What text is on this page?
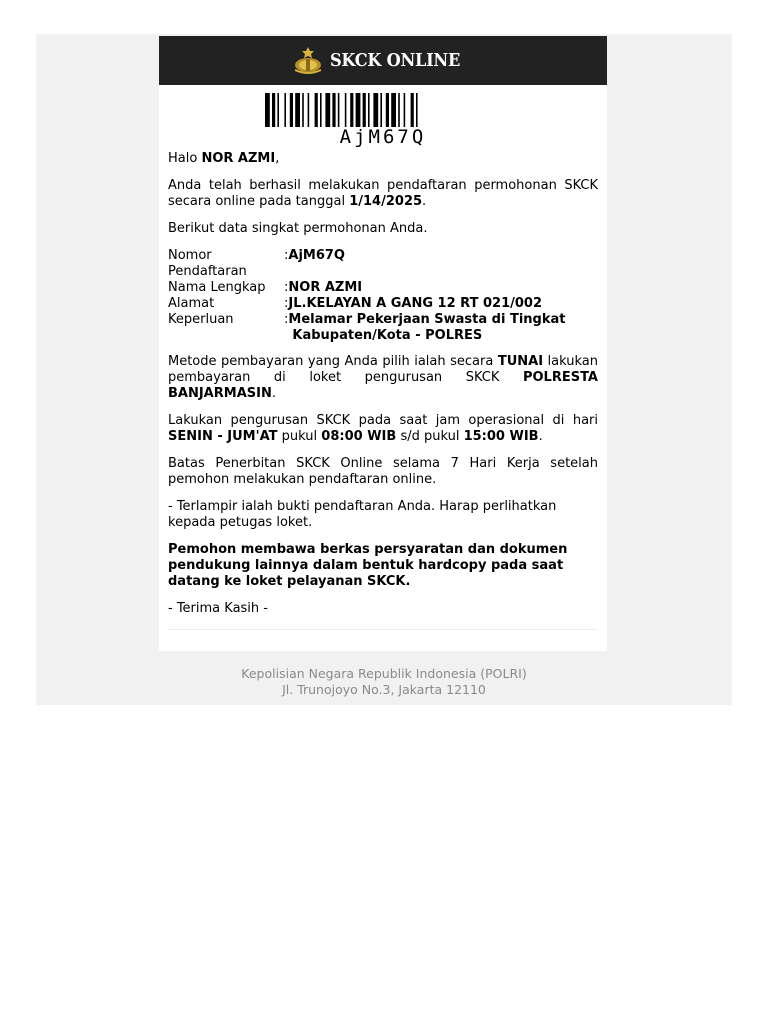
SKCK ONLINE
AjM67Q

Halo NOR AZMI,

Anda telah berhasil melakukan pendaftaran permohonan SKCK secara online pada tanggal 1/14/2025.

Berikut data singkat permohonan Anda.

Nomor Pendaftaran	:	AjM67Q
Nama Lengkap	:	NOR AZMI
Alamat	:	JL.KELAYAN A GANG 12 RT 021/002
Keperluan	:	Melamar Pekerjaan Swasta di Tingkat
Kabupaten/Kota - POLRES

Metode pembayaran yang Anda pilih ialah secara TUNAI lakukan pembayaran di loket pengurusan SKCK POLRESTA BANJARMASIN.

Lakukan pengurusan SKCK pada saat jam operasional di hari SENIN - JUM'AT pukul 08:00 WIB s/d pukul 15:00 WIB.

Batas Penerbitan SKCK Online selama 7 Hari Kerja setelah pemohon melakukan pendaftaran online.

- Terlampir ialah bukti pendaftaran Anda. Harap perlihatkan kepada petugas loket.

Pemohon membawa berkas persyaratan dan dokumen pendukung lainnya dalam bentuk hardcopy pada saat datang ke loket pelayanan SKCK.

- Terima Kasih -

Kepolisian Negara Republik Indonesia (POLRI)
Jl. Trunojoyo No.3, Jakarta 12110
